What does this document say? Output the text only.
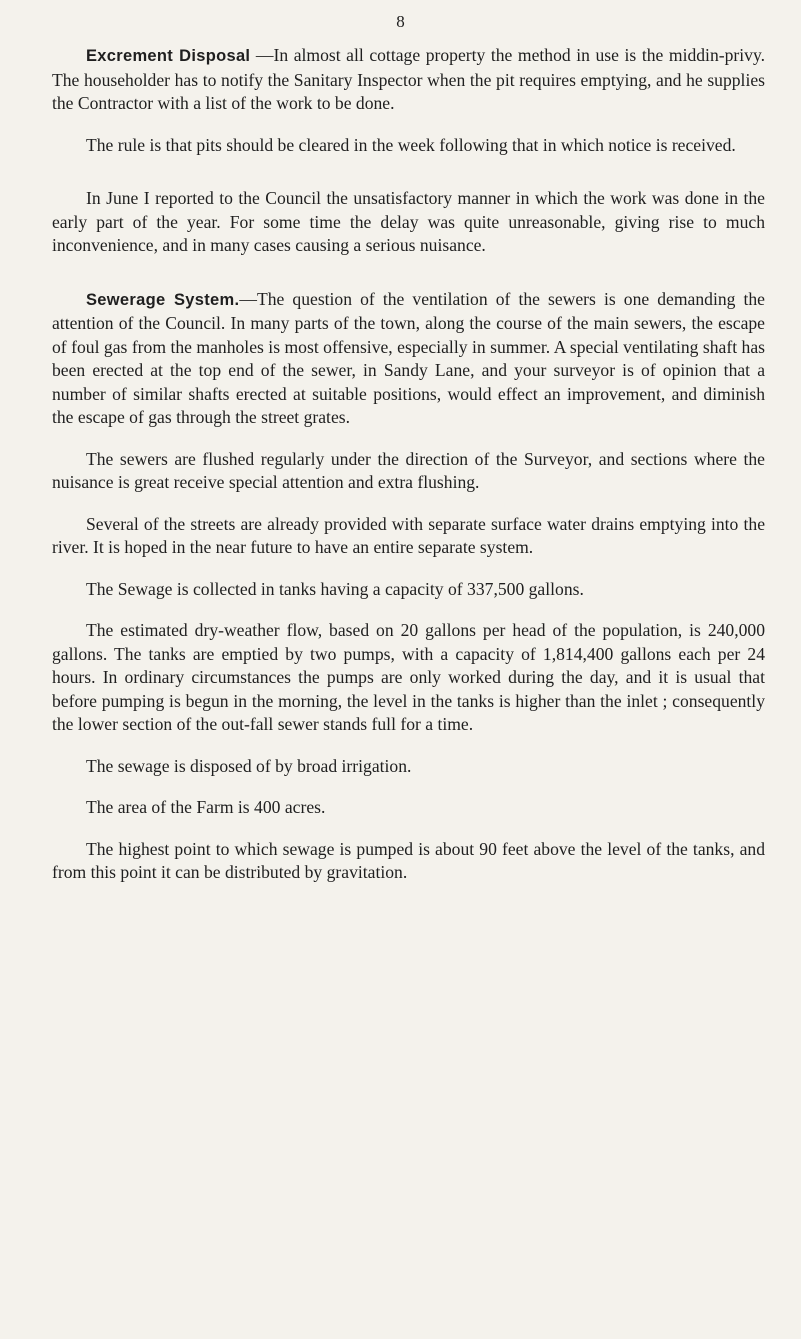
8

Excrement Disposal —In almost all cottage property the method in use is the middin-privy. The householder has to notify the Sanitary Inspector when the pit requires emptying, and he supplies the Contractor with a list of the work to be done.

The rule is that pits should be cleared in the week following that in which notice is received.

In June I reported to the Council the unsatisfactory manner in which the work was done in the early part of the year. For some time the delay was quite unreasonable, giving rise to much inconvenience, and in many cases causing a serious nuisance.

Sewerage System.—The question of the ventilation of the sewers is one demanding the attention of the Council. In many parts of the town, along the course of the main sewers, the escape of foul gas from the manholes is most offensive, especially in summer. A special ventilating shaft has been erected at the top end of the sewer, in Sandy Lane, and your surveyor is of opinion that a number of similar shafts erected at suitable positions, would effect an improvement, and diminish the escape of gas through the street grates.

The sewers are flushed regularly under the direction of the Surveyor, and sections where the nuisance is great receive special attention and extra flushing.

Several of the streets are already provided with separate surface water drains emptying into the river. It is hoped in the near future to have an entire separate system.

The Sewage is collected in tanks having a capacity of 337,500 gallons.

The estimated dry-weather flow, based on 20 gallons per head of the population, is 240,000 gallons. The tanks are emptied by two pumps, with a capacity of 1,814,400 gallons each per 24 hours. In ordinary circumstances the pumps are only worked during the day, and it is usual that before pumping is begun in the morning, the level in the tanks is higher than the inlet ; consequently the lower section of the out-fall sewer stands full for a time.

The sewage is disposed of by broad irrigation.

The area of the Farm is 400 acres.

The highest point to which sewage is pumped is about 90 feet above the level of the tanks, and from this point it can be distributed by gravitation.
